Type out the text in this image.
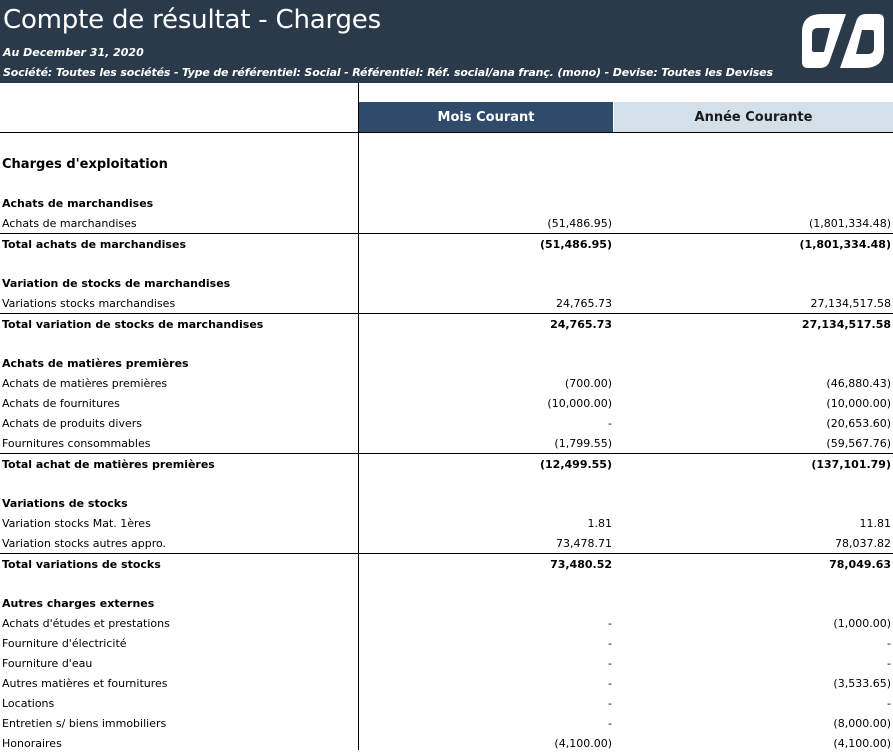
Compte de résultat - Charges
Au December 31, 2020
Société: Toutes les sociétés - Type de référentiel: Social - Référentiel: Réf. social/ana franç. (mono) - Devise: Toutes les Devises
Mois Courant	Année Courante
Charges d'exploitation
Achats de marchandises
Achats de marchandises	(51,486.95)	(1,801,334.48)
Total achats de marchandises	(51,486.95)	(1,801,334.48)
Variation de stocks de marchandises
Variations stocks marchandises	24,765.73	27,134,517.58
Total variation de stocks de marchandises	24,765.73	27,134,517.58
Achats de matières premières
Achats de matières premières	(700.00)	(46,880.43)
Achats de fournitures	(10,000.00)	(10,000.00)
Achats de produits divers	-	(20,653.60)
Fournitures consommables	(1,799.55)	(59,567.76)
Total achat de matières premières	(12,499.55)	(137,101.79)
Variations de stocks
Variation stocks Mat. 1ères	1.81	11.81
Variation stocks autres appro.	73,478.71	78,037.82
Total variations de stocks	73,480.52	78,049.63
Autres charges externes
Achats d'études et prestations	-	(1,000.00)
Fourniture d'électricité	-	-
Fourniture d'eau	-	-
Autres matières et fournitures	-	(3,533.65)
Locations	-	-
Entretien s/ biens immobiliers	-	(8,000.00)
Honoraires	(4,100.00)	(4,100.00)
